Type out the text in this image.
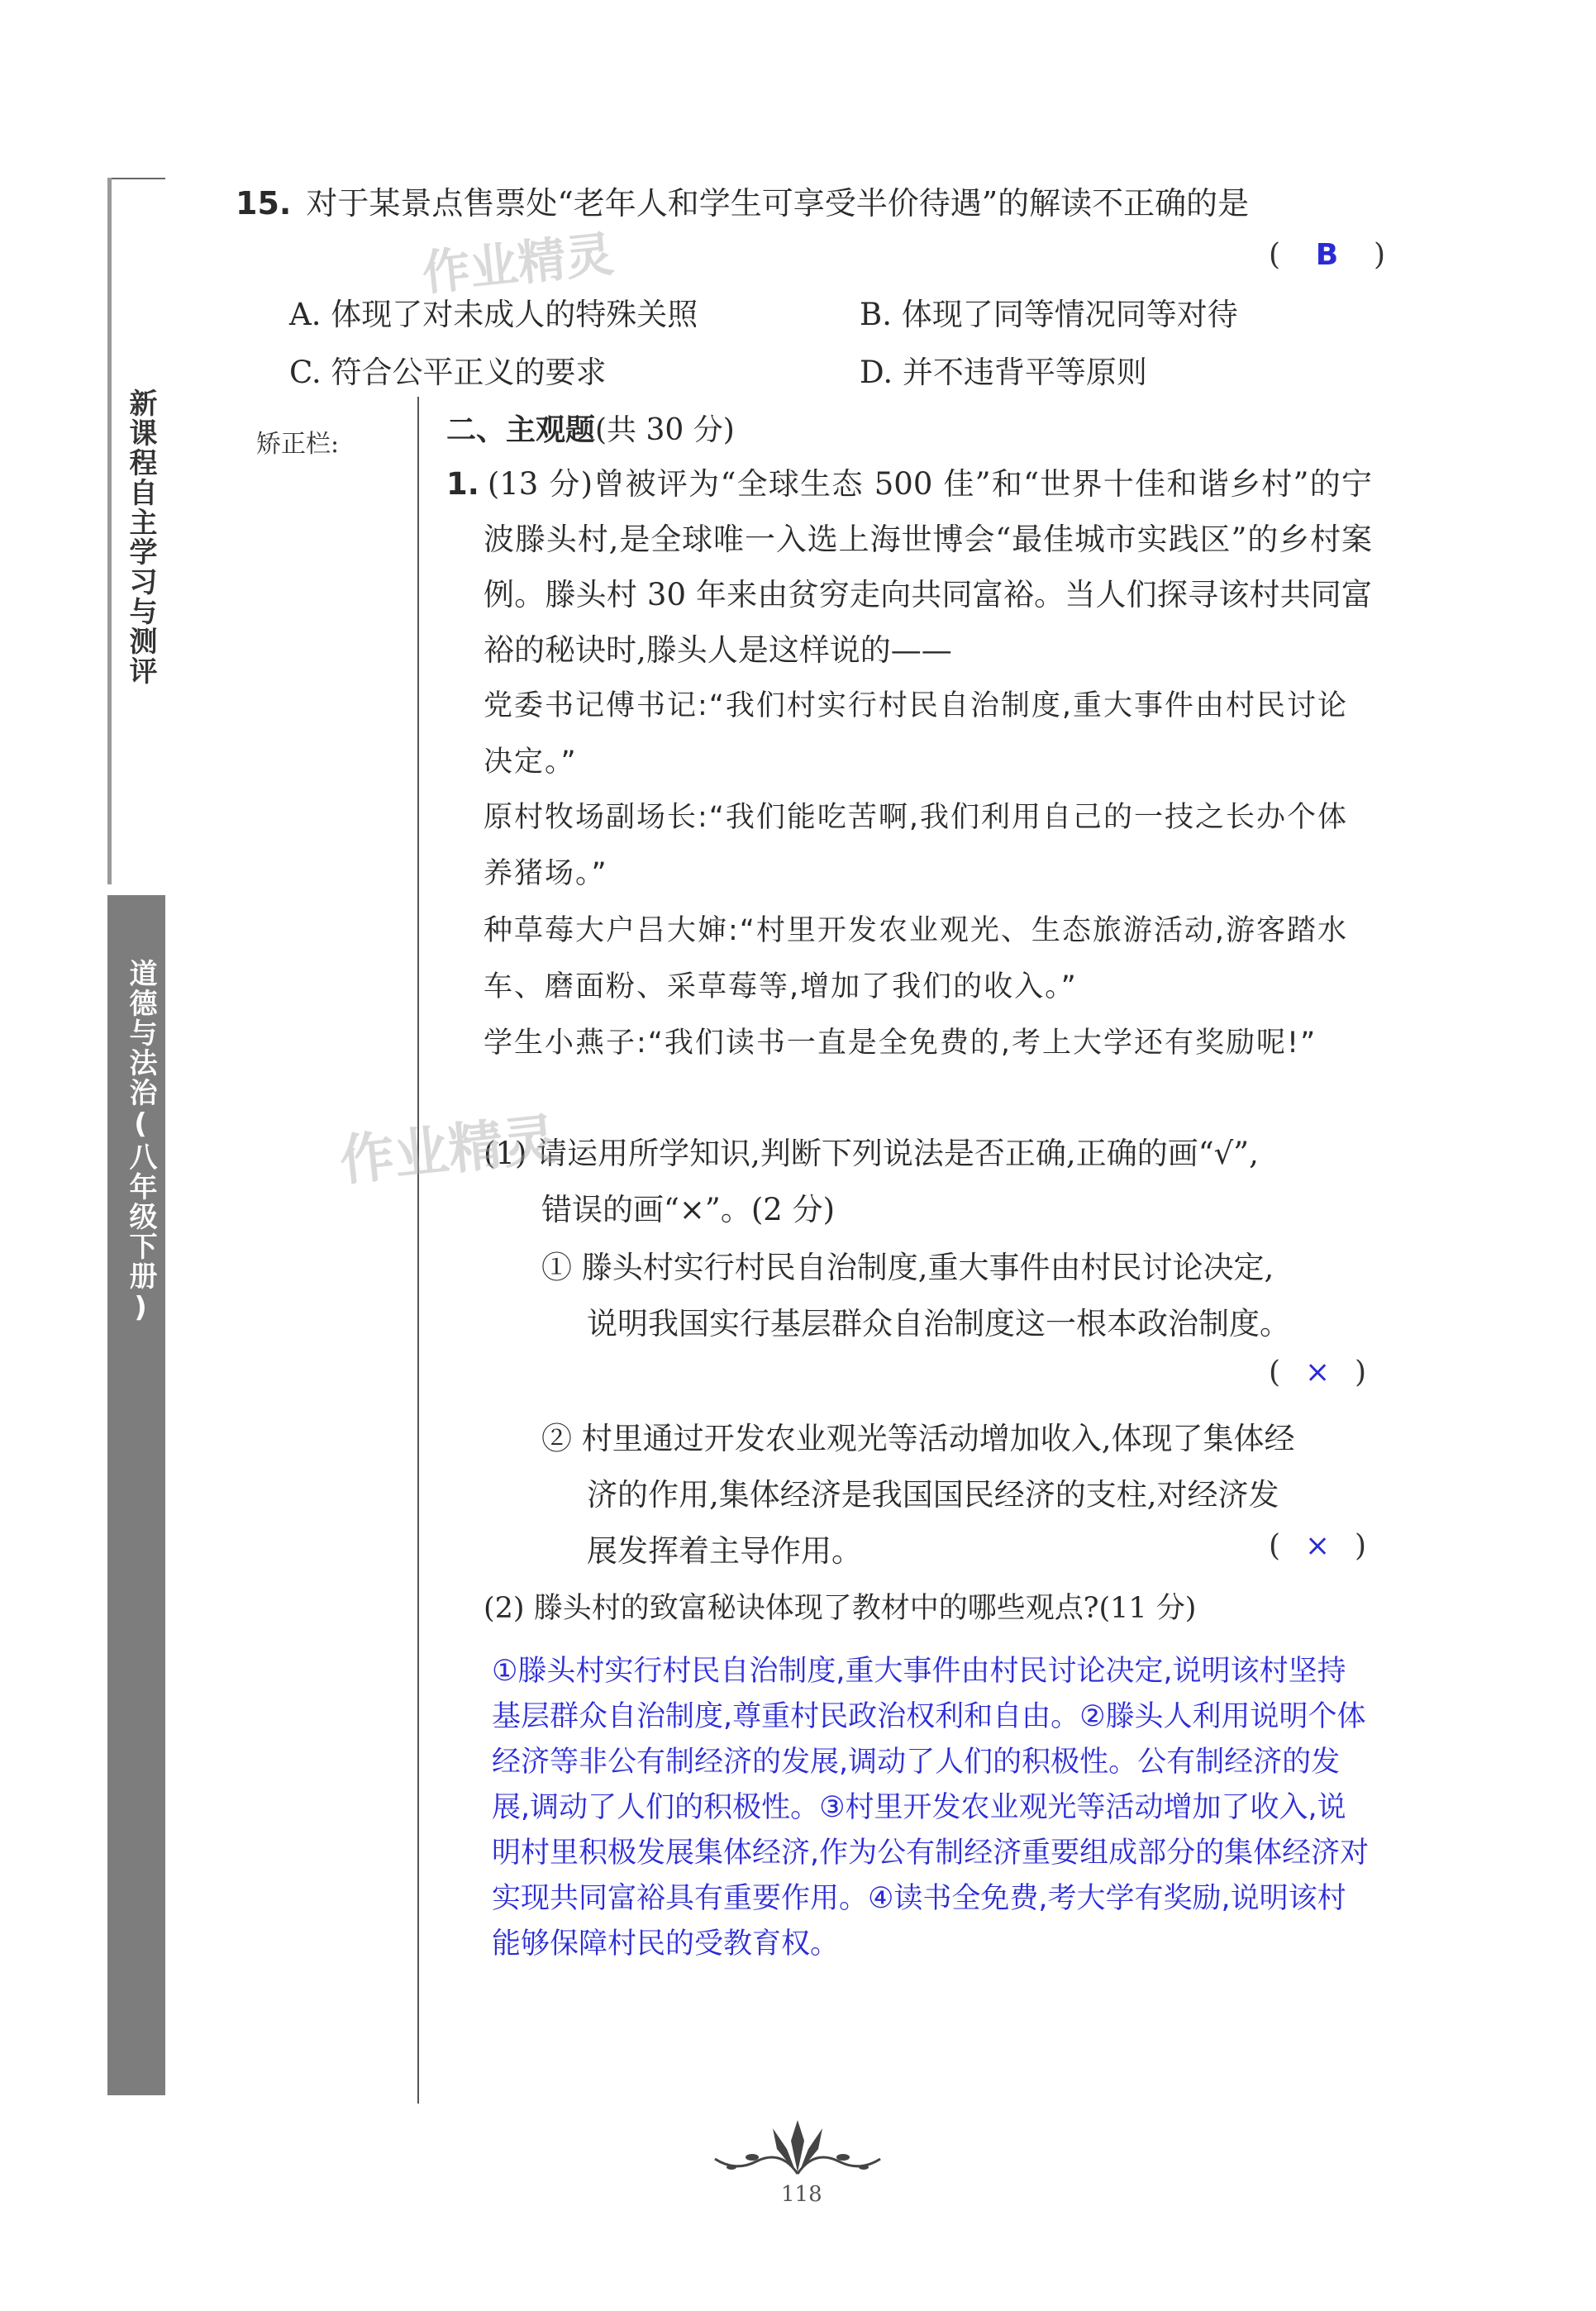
新课程自主学习与测评
道德与法治(八年级下册)
矫正栏:
15. 对于某景点售票处“老年人和学生可享受半价待遇”的解读不正确的是
( B )
A. 体现了对未成人的特殊关照	B. 体现了同等情况同等对待
C. 符合公平正义的要求	D. 并不违背平等原则
二、主观题(共 30 分)
1. (13 分)曾被评为“全球生态 500 佳”和“世界十佳和谐乡村”的宁波滕头村,是全球唯一入选上海世博会“最佳城市实践区”的乡村案例。滕头村 30 年来由贫穷走向共同富裕。当人们探寻该村共同富裕的秘诀时,滕头人是这样说的——
党委书记傅书记:“我们村实行村民自治制度,重大事件由村民讨论决定。”
原村牧场副场长:“我们能吃苦啊,我们利用自己的一技之长办个体养猪场。”
种草莓大户吕大婶:“村里开发农业观光、生态旅游活动,游客踏水车、磨面粉、采草莓等,增加了我们的收入。”
学生小燕子:“我们读书一直是全免费的,考上大学还有奖励呢!”
(1) 请运用所学知识,判断下列说法是否正确,正确的画“√”,
错误的画“×”。(2 分)
① 滕头村实行村民自治制度,重大事件由村民讨论决定,
说明我国实行基层群众自治制度这一根本政治制度。
( × )
② 村里通过开发农业观光等活动增加收入,体现了集体经
济的作用,集体经济是我国国民经济的支柱,对经济发
展发挥着主导作用。	( × )
(2) 滕头村的致富秘诀体现了教材中的哪些观点?(11 分)
①滕头村实行村民自治制度,重大事件由村民讨论决定,说明该村坚持基层群众自治制度,尊重村民政治权利和自由。②滕头人利用说明个体经济等非公有制经济的发展,调动了人们的积极性。公有制经济的发展,调动了人们的积极性。③村里开发农业观光等活动增加了收入,说明村里积极发展集体经济,作为公有制经济重要组成部分的集体经济对实现共同富裕具有重要作用。④读书全免费,考大学有奖励,说明该村能够保障村民的受教育权。
作业精灵
作业精灵
118
